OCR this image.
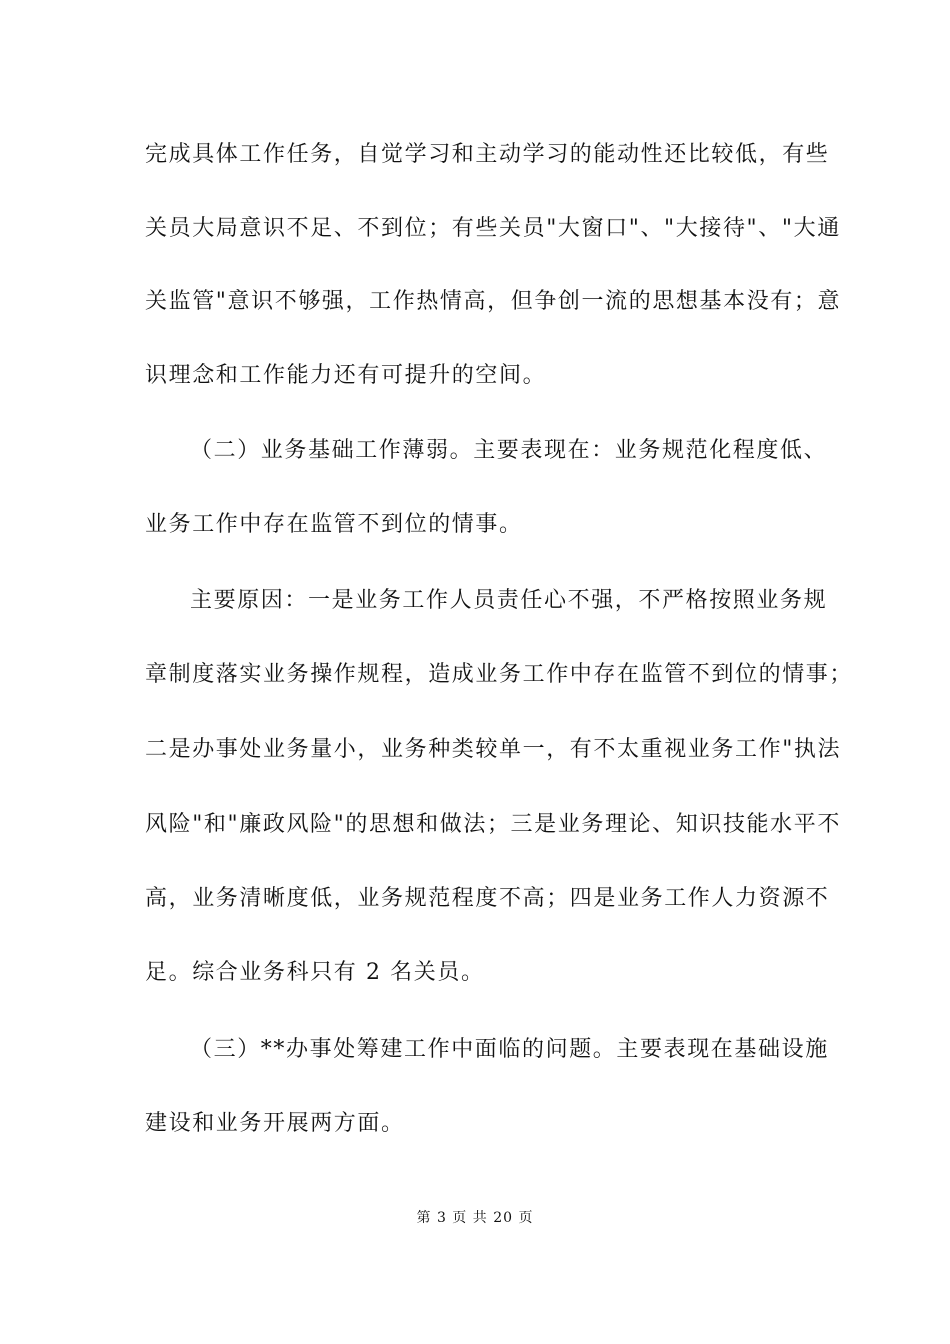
完成具体工作任务，自觉学习和主动学习的能动性还比较低，有些
关员大局意识不足、不到位；有些关员"大窗口"、"大接待"、"大通
关监管"意识不够强，工作热情高，但争创一流的思想基本没有；意
识理念和工作能力还有可提升的空间。
（二）业务基础工作薄弱。主要表现在：业务规范化程度低、
业务工作中存在监管不到位的情事。
主要原因：一是业务工作人员责任心不强，不严格按照业务规
章制度落实业务操作规程，造成业务工作中存在监管不到位的情事；
二是办事处业务量小，业务种类较单一，有不太重视业务工作"执法
风险"和"廉政风险"的思想和做法；三是业务理论、知识技能水平不
高，业务清晰度低，业务规范程度不高；四是业务工作人力资源不
足。综合业务科只有 2 名关员。
（三）**办事处筹建工作中面临的问题。主要表现在基础设施
建设和业务开展两方面。
第 3 页 共 20 页
